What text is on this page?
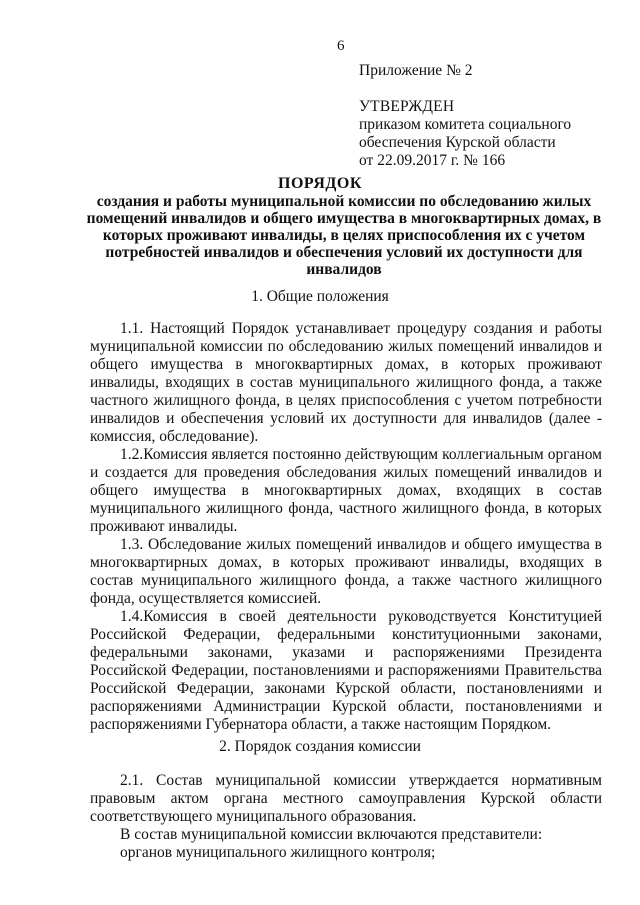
6
Приложение № 2
УТВЕРЖДЕН
приказом комитета социального
обеспечения Курской области
от 22.09.2017 г. № 166
ПОРЯДОК
создания и работы муниципальной комиссии по обследованию жилых помещений инвалидов и общего имущества в многоквартирных домах, в которых проживают инвалиды, в целях приспособления их с учетом потребностей инвалидов и обеспечения условий их доступности для инвалидов
1. Общие положения

1.1. Настоящий Порядок устанавливает процедуру создания и работы муниципальной комиссии по обследованию жилых помещений инвалидов и общего имущества в многоквартирных домах, в которых проживают инвалиды, входящих в состав муниципального жилищного фонда, а также частного жилищного фонда, в целях приспособления с учетом потребности инвалидов и обеспечения условий их доступности для инвалидов (далее - комиссия, обследование).

1.2.Комиссия является постоянно действующим коллегиальным органом и создается для проведения обследования жилых помещений инвалидов и общего имущества в многоквартирных домах, входящих в состав муниципального жилищного фонда, частного жилищного фонда, в которых проживают инвалиды.

1.3. Обследование жилых помещений инвалидов и общего имущества в многоквартирных домах, в которых проживают инвалиды, входящих в состав муниципального жилищного фонда, а также частного жилищного фонда, осуществляется комиссией.

1.4.Комиссия в своей деятельности руководствуется Конституцией Российской Федерации, федеральными конституционными законами, федеральными законами, указами и распоряжениями Президента Российской Федерации, постановлениями и распоряжениями Правительства Российской Федерации, законами Курской области, постановлениями и распоряжениями Администрации Курской области, постановлениями и распоряжениями Губернатора области, а также настоящим Порядком.

2. Порядок создания комиссии

2.1. Состав муниципальной комиссии утверждается нормативным правовым актом органа местного самоуправления Курской области соответствующего муниципального образования.

В состав муниципальной комиссии включаются представители:

органов муниципального жилищного контроля;
